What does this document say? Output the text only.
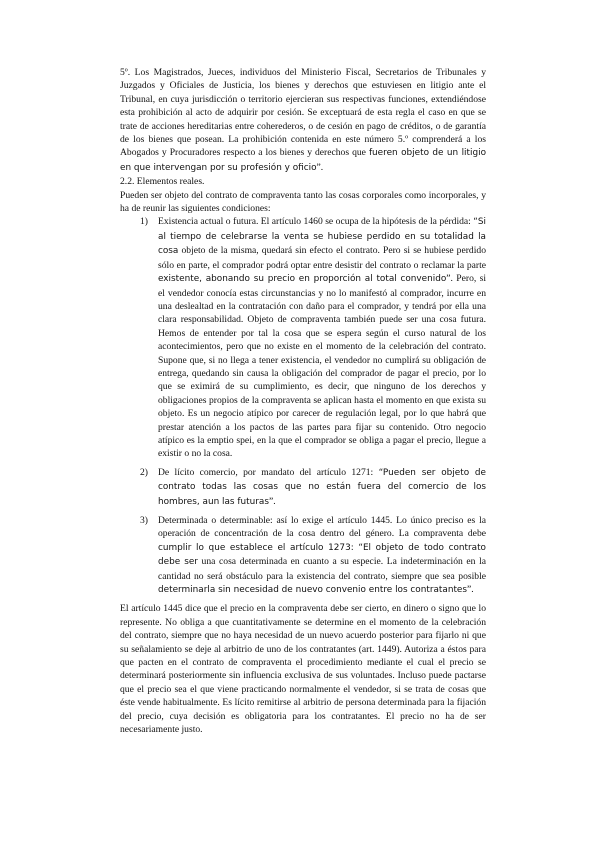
5º. Los Magistrados, Jueces, individuos del Ministerio Fiscal, Secretarios de Tribunales y Juzgados y Oficiales de Justicia, los bienes y derechos que estuviesen en litigio ante el Tribunal, en cuya jurisdicción o territorio ejercieran sus respectivas funciones, extendiéndose esta prohibición al acto de adquirir por cesión. Se exceptuará de esta regla el caso en que se trate de acciones hereditarias entre coherederos, o de cesión en pago de créditos, o de garantía de los bienes que posean. La prohibición contenida en este número 5.º comprenderá a los Abogados y Procuradores respecto a los bienes y derechos que fueren objeto de un litigio en que intervengan por su profesión y oficio”.

2.2. Elementos reales.

Pueden ser objeto del contrato de compraventa tanto las cosas corporales como incorporales, y ha de reunir las siguientes condiciones:

1) Existencia actual o futura. El artículo 1460 se ocupa de la hipótesis de la pérdida: “Si al tiempo de celebrarse la venta se hubiese perdido en su totalidad la cosa objeto de la misma, quedará sin efecto el contrato. Pero si se hubiese perdido sólo en parte, el comprador podrá optar entre desistir del contrato o reclamar la parte existente, abonando su precio en proporción al total convenido”. Pero, si el vendedor conocía estas circunstancias y no lo manifestó al comprador, incurre en una deslealtad en la contratación con daño para el comprador, y tendrá por ella una clara responsabilidad. Objeto de compraventa también puede ser una cosa futura. Hemos de entender por tal la cosa que se espera según el curso natural de los acontecimientos, pero que no existe en el momento de la celebración del contrato. Supone que, si no llega a tener existencia, el vendedor no cumplirá su obligación de entrega, quedando sin causa la obligación del comprador de pagar el precio, por lo que se eximirá de su cumplimiento, es decir, que ninguno de los derechos y obligaciones propios de la compraventa se aplican hasta el momento en que exista su objeto. Es un negocio atípico por carecer de regulación legal, por lo que habrá que prestar atención a los pactos de las partes para fijar su contenido. Otro negocio atípico es la emptio spei, en la que el comprador se obliga a pagar el precio, llegue a existir o no la cosa.
2) De lícito comercio, por mandato del artículo 1271: “Pueden ser objeto de contrato todas las cosas que no están fuera del comercio de los hombres, aun las futuras”.
3) Determinada o determinable: así lo exige el artículo 1445. Lo único preciso es la operación de concentración de la cosa dentro del género. La compraventa debe cumplir lo que establece el artículo 1273: “El objeto de todo contrato debe ser una cosa determinada en cuanto a su especie. La indeterminación en la cantidad no será obstáculo para la existencia del contrato, siempre que sea posible determinarla sin necesidad de nuevo convenio entre los contratantes”.

El artículo 1445 dice que el precio en la compraventa debe ser cierto, en dinero o signo que lo represente. No obliga a que cuantitativamente se determine en el momento de la celebración del contrato, siempre que no haya necesidad de un nuevo acuerdo posterior para fijarlo ni que su señalamiento se deje al arbitrio de uno de los contratantes (art. 1449). Autoriza a éstos para que pacten en el contrato de compraventa el procedimiento mediante el cual el precio se determinará posteriormente sin influencia exclusiva de sus voluntades. Incluso puede pactarse que el precio sea el que viene practicando normalmente el vendedor, si se trata de cosas que éste vende habitualmente. Es lícito remitirse al arbitrio de persona determinada para la fijación del precio, cuya decisión es obligatoria para los contratantes. El precio no ha de ser necesariamente justo.
